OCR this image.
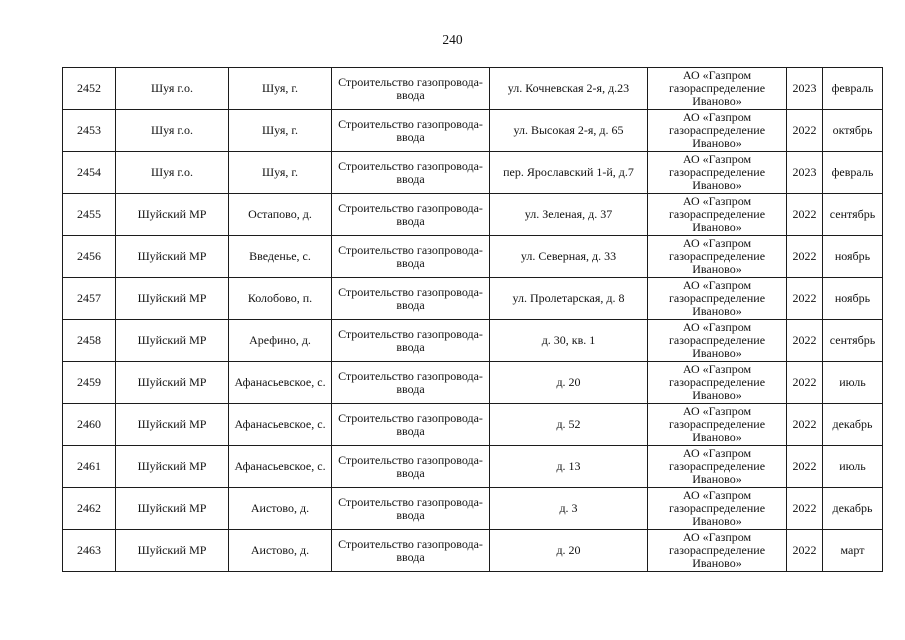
240
2452	Шуя г.о.	Шуя, г.	Строительство газопровода-ввода	ул. Кочневская 2-я, д.23	АО «Газпром газораспределение Иваново»	2023	февраль
2453	Шуя г.о.	Шуя, г.	Строительство газопровода-ввода	ул. Высокая 2-я, д. 65	АО «Газпром газораспределение Иваново»	2022	октябрь
2454	Шуя г.о.	Шуя, г.	Строительство газопровода-ввода	пер. Ярославский 1-й, д.7	АО «Газпром газораспределение Иваново»	2023	февраль
2455	Шуйский МР	Остапово, д.	Строительство газопровода-ввода	ул. Зеленая, д. 37	АО «Газпром газораспределение Иваново»	2022	сентябрь
2456	Шуйский МР	Введенье, с.	Строительство газопровода-ввода	ул. Северная, д. 33	АО «Газпром газораспределение Иваново»	2022	ноябрь
2457	Шуйский МР	Колобово, п.	Строительство газопровода-ввода	ул. Пролетарская, д. 8	АО «Газпром газораспределение Иваново»	2022	ноябрь
2458	Шуйский МР	Арефино, д.	Строительство газопровода-ввода	д. 30, кв. 1	АО «Газпром газораспределение Иваново»	2022	сентябрь
2459	Шуйский МР	Афанасьевское, с.	Строительство газопровода-ввода	д. 20	АО «Газпром газораспределение Иваново»	2022	июль
2460	Шуйский МР	Афанасьевское, с.	Строительство газопровода-ввода	д. 52	АО «Газпром газораспределение Иваново»	2022	декабрь
2461	Шуйский МР	Афанасьевское, с.	Строительство газопровода-ввода	д. 13	АО «Газпром газораспределение Иваново»	2022	июль
2462	Шуйский МР	Аистово, д.	Строительство газопровода-ввода	д. 3	АО «Газпром газораспределение Иваново»	2022	декабрь
2463	Шуйский МР	Аистово, д.	Строительство газопровода-ввода	д. 20	АО «Газпром газораспределение Иваново»	2022	март
